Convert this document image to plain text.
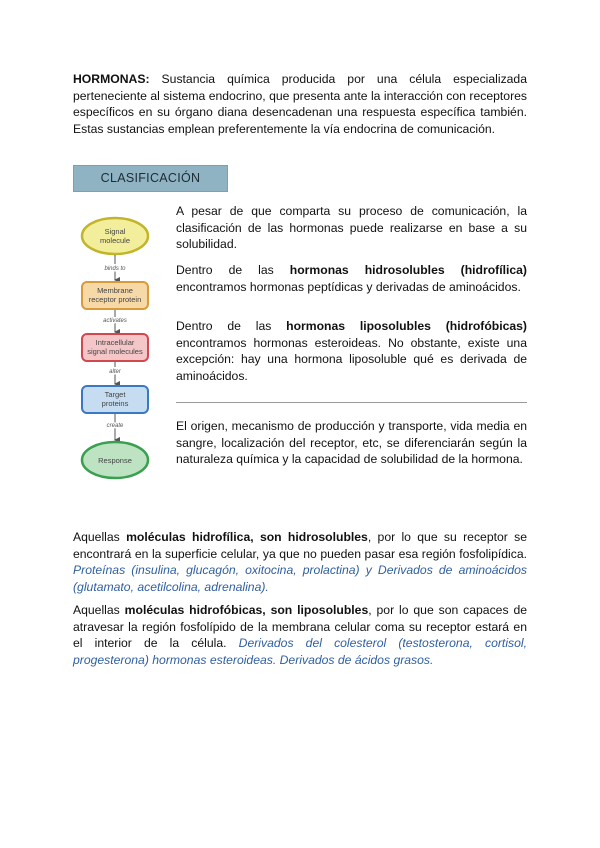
HORMONAS: Sustancia química producida por una célula especializada perteneciente al sistema endocrino, que presenta ante la interacción con receptores específicos en su órgano diana desencadenan una respuesta específica también. Estas sustancias emplean preferentemente la vía endocrina de comunicación.
CLASIFICACIÓN
Signal
molecule
binds to
Membrane
receptor protein
activates
Intracellular
signal molecules
alter
Target
proteins
create
Response
A pesar de que comparta su proceso de comunicación, la clasificación de las hormonas puede realizarse en base a su solubilidad.
Dentro de las hormonas hidrosolubles (hidrofílica) encontramos hormonas peptídicas y derivadas de aminoácidos.
Dentro de las hormonas liposolubles (hidrofóbicas) encontramos hormonas esteroideas. No obstante, existe una excepción: hay una hormona liposoluble qué es derivada de aminoácidos.
El origen, mecanismo de producción y transporte, vida media en sangre, localización del receptor, etc, se diferenciarán según la naturaleza química y la capacidad de solubilidad de la hormona.
Aquellas moléculas hidrofílica, son hidrosolubles, por lo que su receptor se encontrará en la superficie celular, ya que no pueden pasar esa región fosfolipídica. Proteínas (insulina, glucagón, oxitocina, prolactina) y Derivados de aminoácidos (glutamato, acetilcolina, adrenalina).
Aquellas moléculas hidrofóbicas, son liposolubles, por lo que son capaces de atravesar la región fosfolípido de la membrana celular coma su receptor estará en el interior de la célula. Derivados del colesterol (testosterona, cortisol, progesterona) hormonas esteroideas. Derivados de ácidos grasos.
